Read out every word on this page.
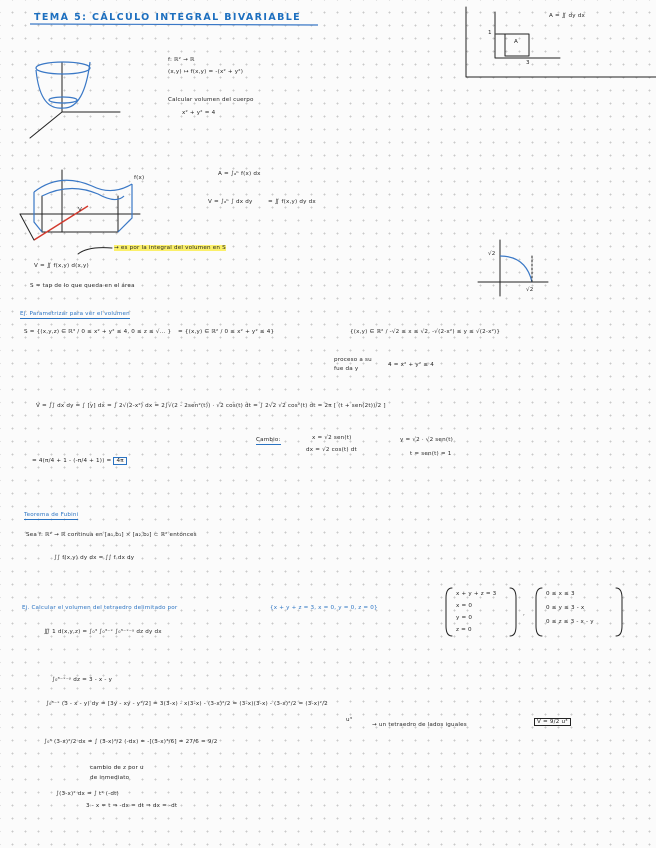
TEMA 5: CÁLCULO INTEGRAL BIVARIABLE
f: ℝ² → ℝ
(x,y) ↦ f(x,y) = -(x² + y²)
Calcular volumen del cuerpo
x² + y² = 4
A = ∬ dy dx
A
1
3
f(x)
V
A = ∫ₐᵇ f(x) dx
V = ∫ₐᵇ ∫ dx dy	= ∬ f(x,y) dy dx
V = ∬ f(x,y) d(x,y)
→ es por la integral del volumen en S
S = tap de lo que queda en el área
√2
√2
Ej. Parametrizar para ver el volumen
S = {(x,y,z) ∈ ℝ³ / 0 ≤ x² + y² ≤ 4, 0 ≤ z ≤ √... } = {(x,y) ∈ ℝ² / 0 ≤ x² + y² ≤ 4}	{(x,y) ∈ ℝ² / -√2 ≤ x ≤ √2, -√(2-x²) ≤ y ≤ √(2-x²)}
proceso a su
fue da y
4 = x² + y² ≤ 4
V = ∫∫ dx dy = ∫ [y] dx = ∫ 2√(2-x²) dx = 2∫√(2 - 2sen²(t)) · √2 cos(t) dt = ∫ 2√2 √2 cos²(t) dt = 2π [ (t + sen(2t))/2 ]
Cambio:	x = √2 sen(t)
dx = √2 cos(t) dt
y = √2 · √2 sen(t)
t = sen(t) = 1
= 4(π/4 + 1 - (-π/4 + 1)) = 4π
Teorema de Fubini
Sea f: ℝ² → ℝ continua en [a₁,b₁] × [a₂,b₂] ⊂ ℝ² entonces
∫∫ f(x,y) dy dx = ∫∫ f dx dy
Ej. Calcular el volumen del tetraedro delimitado por	{x + y + z = 3, x = 0, y = 0, z = 0}
x + y + z = 3
x = 0
y = 0
z = 0
,
0 ≤ x ≤ 3
0 ≤ y ≤ 3 - x
0 ≤ z ≤ 3 - x - y
∭ 1 d(x,y,z) = ∫₀³ ∫₀³⁻ˣ ∫₀³⁻ˣ⁻ʸ dz dy dx
∫₀³⁻ˣ⁻ʸ dz = 3 - x - y
∫₀³⁻ˣ (3 - x - y) dy = [3y - xy - y²/2] = 3(3-x) - x(3-x) - (3-x)²/2 = (3-x)(3-x) - (3-x)²/2 = (3-x)²/2
∫₀³ (3-x)²/2 dx = ∫ (3-x)²/2 (-dx) = -[(3-x)³/6] = 27/6 = 9/2
u³
→ un tetraedro de lados iguales	V = 9/2 u³
cambio de z por u
de inmediato
∫(3-x)² dx = ∫ t² (-dt)
3 - x = t ⇒ -dx = dt ⇒ dx = -dt
